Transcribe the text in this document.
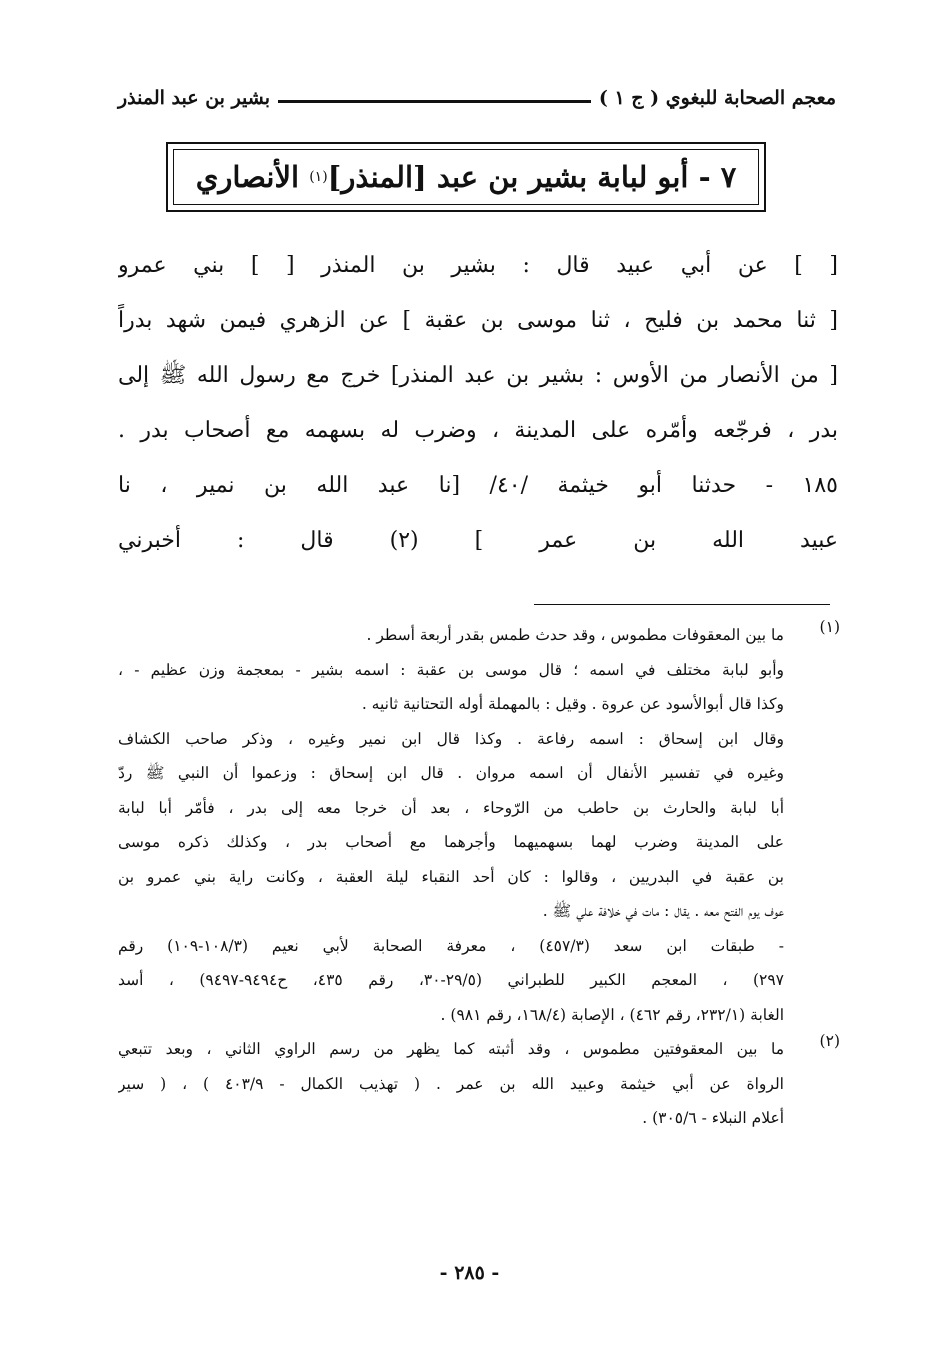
معجم الصحابة للبغوي ( ج ١ )
بشير بن عبد المنذر
٧ - أبو لبابة بشير بن عبد [المنذر]
(١)

الأنصاري
[ ] عن أبي عبيد قال : بشير بن المنذر [ ] بني عمرو
[ ثنا محمد بن فليح ، ثنا موسى بن عقبة ] عن الزهري فيمن شهد بدراً
[ من الأنصار من الأوس : بشير بن عبد المنذر] خرج مع رسول الله ﷺ إلى
بدر ، فرجّعه وأمّره على المدينة ، وضرب له بسهمه مع أصحاب بدر .
١٨٥ - حدثنا أبو خيثمة /٤٠/ [نا عبد الله بن نمير ، نا
عبيد الله بن عمر ] (٢) قال : أخبرني
(١)
ما بين المعقوفات مطموس ، وقد حدث طمس بقدر أربعة أسطر .
وأبو لبابة مختلف في اسمه ؛ قال موسى بن عقبة : اسمه بشير - بمعجمة وزن عظيم - ،
وكذا قال أبوالأسود عن عروة . وقيل : بالمهملة أوله التحتانية ثانيه .
وقال ابن إسحاق : اسمه رفاعة . وكذا قال ابن نمير وغيره ، وذكر صاحب الكشاف
وغيره في تفسير الأنفال أن اسمه مروان . قال ابن إسحاق : وزعموا أن النبي ﷺ ردّ
أبا لبابة والحارث بن حاطب من الرّوحاء ، بعد أن خرجا معه إلى بدر ، فأمّر أبا لبابة
على المدينة وضرب لهما بسهميهما وأجرهما مع أصحاب بدر ، وكذلك ذكره موسى
بن عقبة في البدريين ، وقالوا : كان أحد النقباء ليلة العقبة ، وكانت راية بني عمرو بن
عوف يوم الفتح معه . يقال : مات في خلافة علي ﷺ .
- طبقات ابن سعد (٤٥٧/٣) ، معرفة الصحابة لأبي نعيم (١٠٨/٣-١٠٩) رقم
٢٩٧) ، المعجم الكبير للطبراني (٢٩/٥-٣٠، رقم ٤٣٥، ح٩٤٩٤-٩٤٩٧) ، أسد
الغابة (٢٣٢/١، رقم ٤٦٢) ، الإصابة (١٦٨/٤، رقم ٩٨١) .
(٢)
ما بين المعقوفتين مطموس ، وقد أثبته كما يظهر من رسم الراوي الثاني ، وبعد تتبعي
الرواة عن أبي خيثمة وعبيد الله بن عمر . ( تهذيب الكمال - ٤٠٣/٩ ) ، ( سير
أعلام النبلاء - ٣٠٥/٦) .
- ٢٨٥ -
